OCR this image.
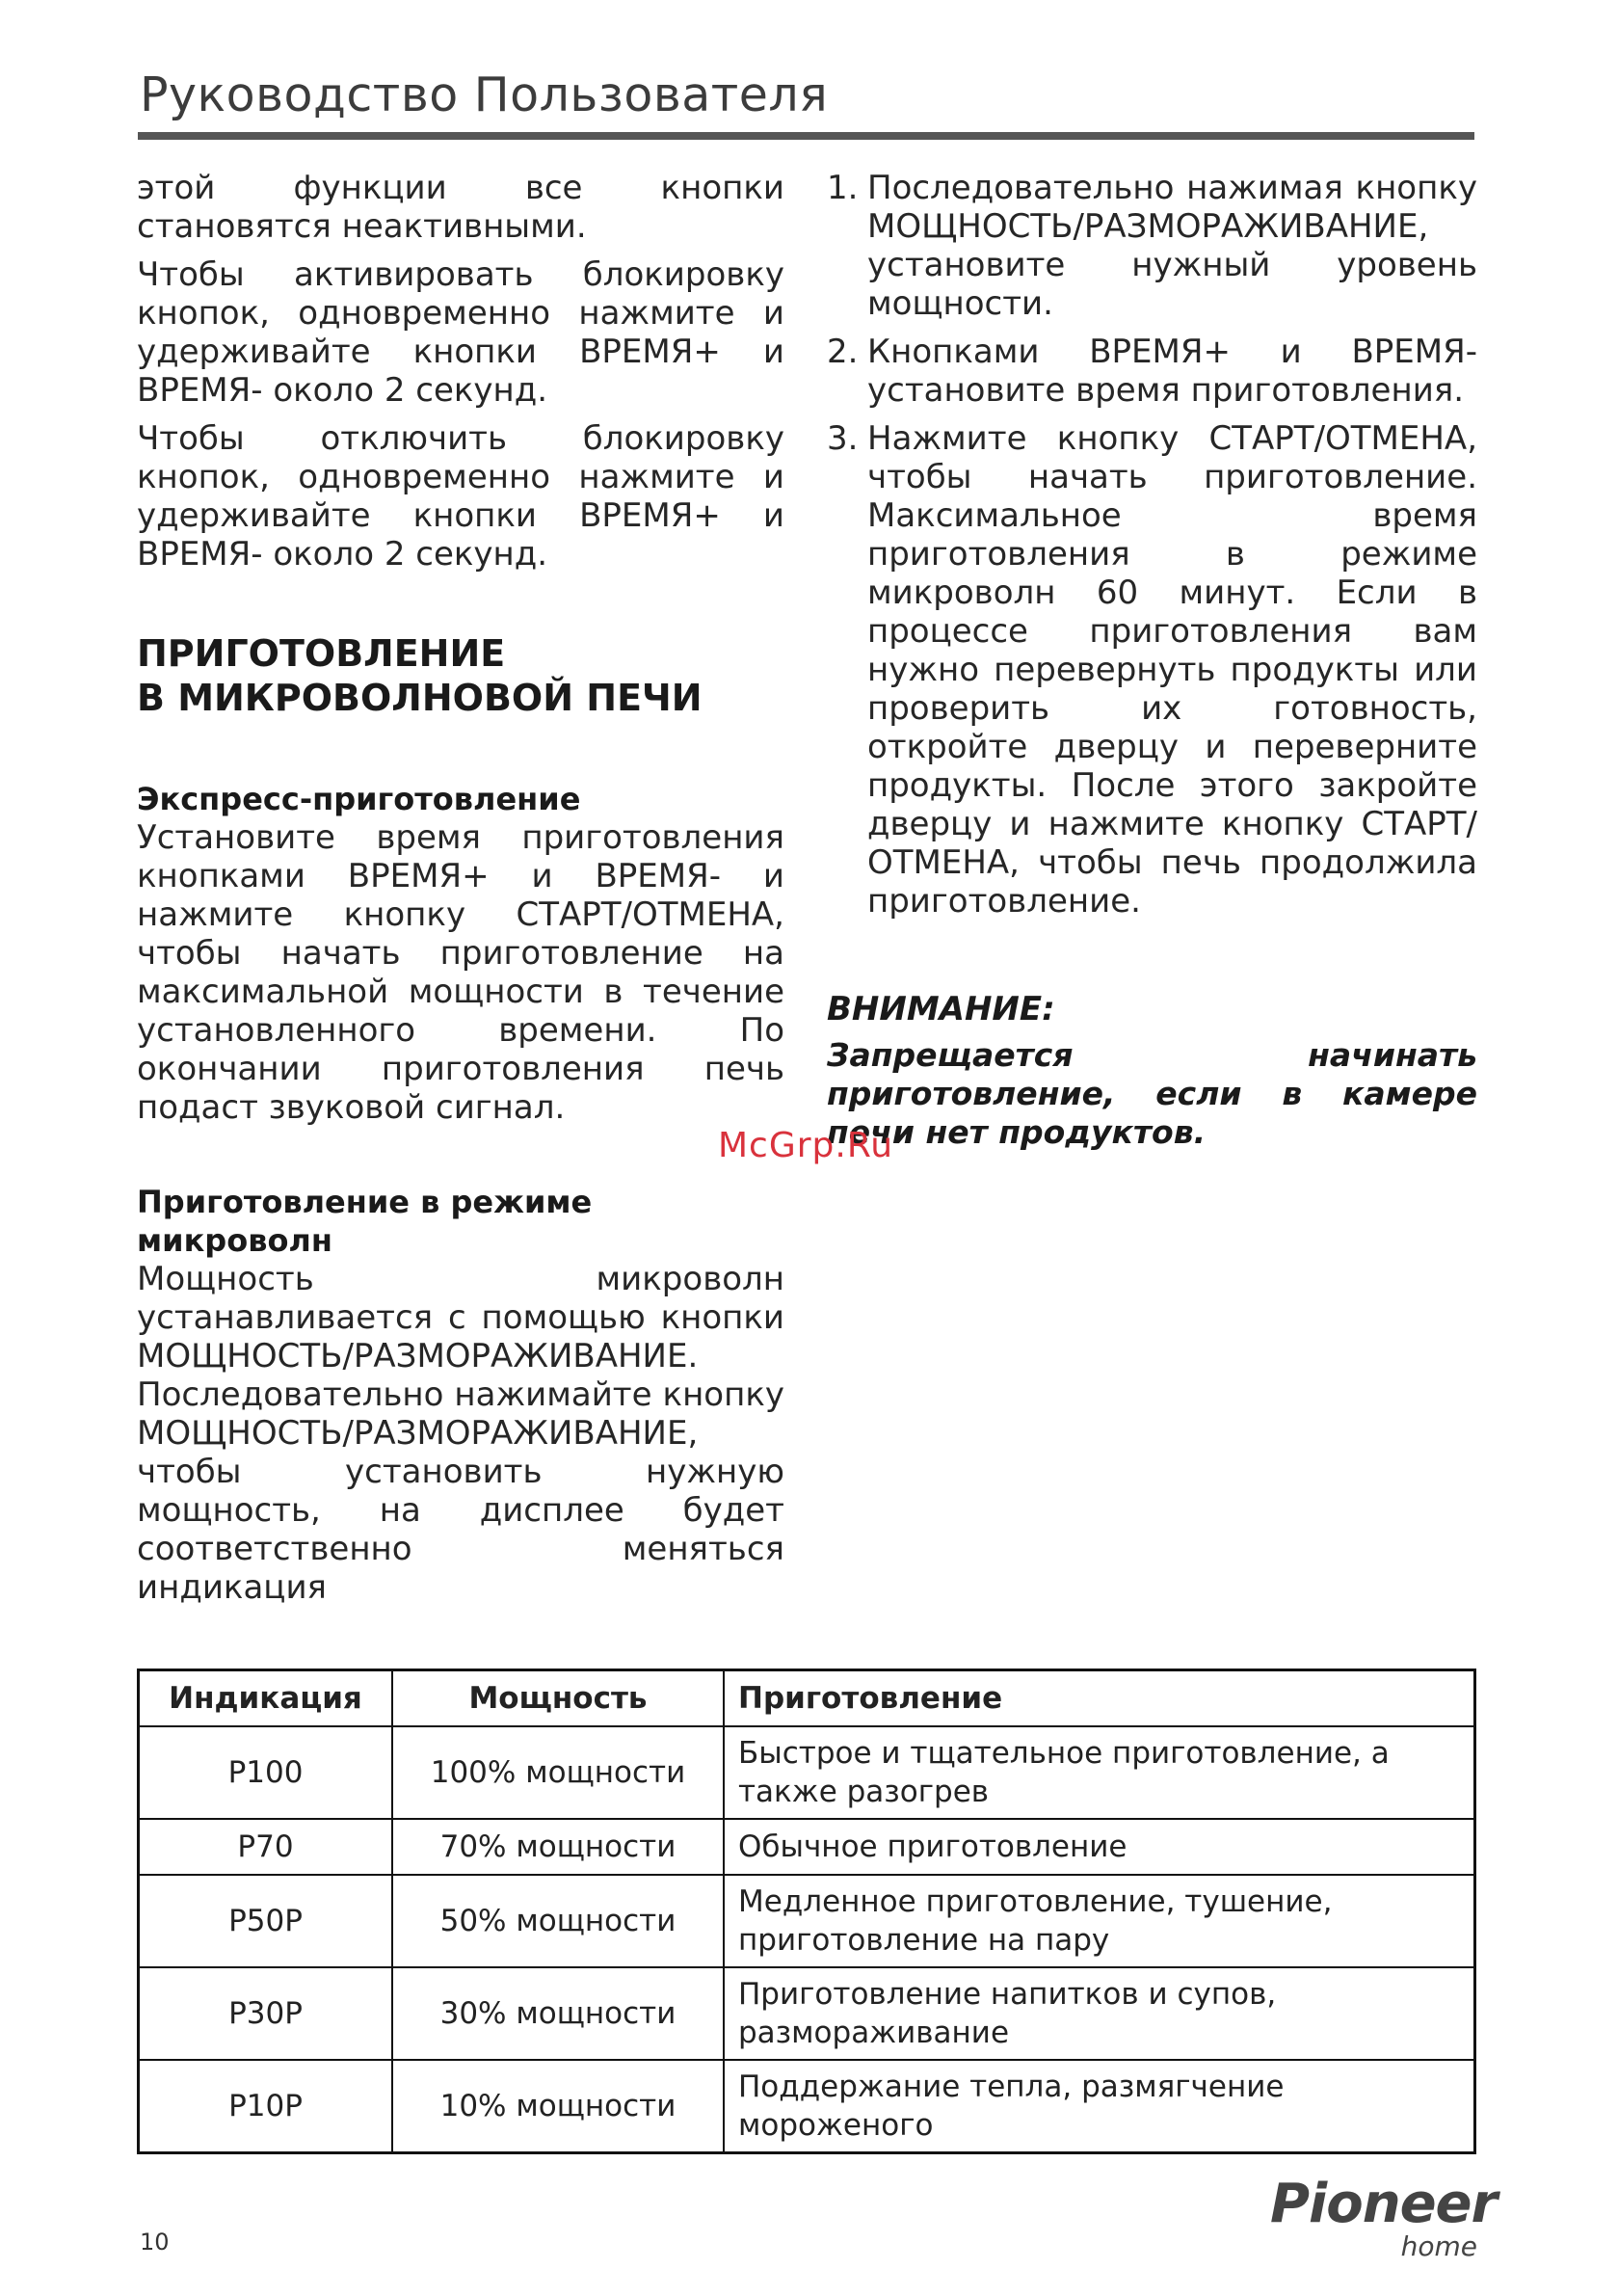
Руководство Пользователя

этой функции все кнопки становятся неактивными.

Чтобы активировать блокировку кнопок, одновременно нажмите и удерживайте кнопки ВРЕМЯ+ и ВРЕМЯ- около 2 секунд.

Чтобы отключить блокировку кнопок, одновременно нажмите и удерживайте кнопки ВРЕМЯ+ и ВРЕМЯ- около 2 секунд.

ПРИГОТОВЛЕНИЕ
В МИКРОВОЛНОВОЙ ПЕЧИ
Экспресс-приготовление

Установите время приготовления кнопками ВРЕМЯ+ и ВРЕМЯ- и нажмите кнопку СТАРТ/ОТМЕНА, чтобы начать приготовление на максимальной мощности в течение установленного времени. По окончании приготовления печь подаст звуковой сигнал.

Приготовление в режиме микроволн

Мощность микроволн устанавливается с помощью кнопки МОЩНОСТЬ/РАЗМОРАЖИВАНИЕ. Последовательно нажимайте кнопку МОЩНОСТЬ/РАЗМОРАЖИВАНИЕ, чтобы установить нужную мощность, на дисплее будет соответственно меняться индикация

1. Последовательно нажимая кнопку МОЩНОСТЬ/РАЗМОРАЖИВАНИЕ, установите нужный уровень мощности.
2. Кнопками ВРЕМЯ+ и ВРЕМЯ- установите время приготовления.
3. Нажмите кнопку СТАРТ/ОТМЕНА, чтобы начать приготовление. Максимальное время приготовления в режиме микроволн 60 минут. Если в процессе приготовления вам нужно перевернуть продукты или проверить их готовность, откройте дверцу и переверните продукты. После этого закройте дверцу и нажмите кнопку СТАРТ/ОТМЕНА, чтобы печь продолжила приготовление.
ВНИМАНИЕ:

Запрещается начинать приготовление, если в камере печи нет продуктов.

McGrp.Ru
Индикация	Мощность	Приготовление
P100	100% мощности	Быстрое и тщательное приготовление, а также разогрев
P70	70% мощности	Обычное приготовление
P50P	50% мощности	Медленное приготовление, тушение, приготовление на пару
P30P	30% мощности	Приготовление напитков и супов, размораживание
P10P	10% мощности	Поддержание тепла, размягчение мороженого
10
Pioneer
home
